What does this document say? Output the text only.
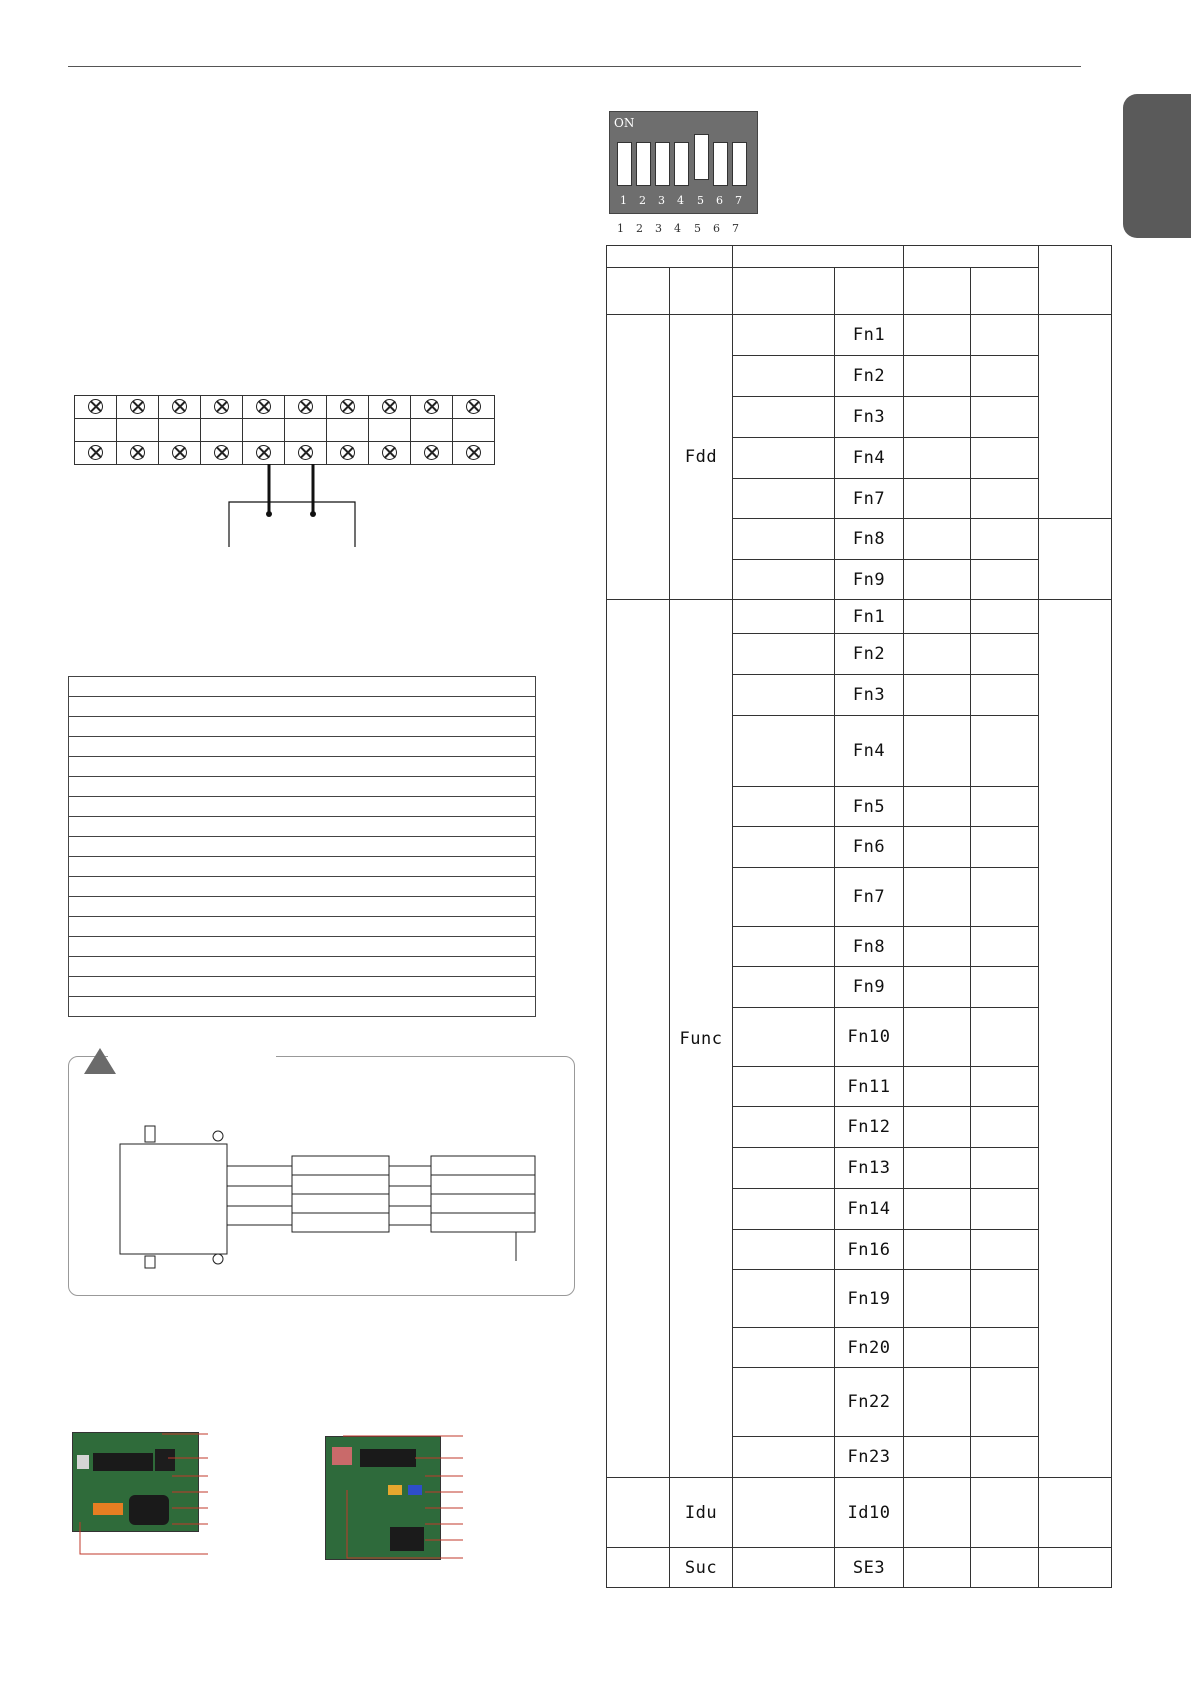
ON
1 2 3 4 5 6 7
1 2 3 4 5 6 7

	Fdd		Fn1			
			Fn2			
			Fn3			
			Fn4			
			Fn7			
			Fn8			
			Fn9			
	Func		Fn1			
			Fn2			
			Fn3			
			Fn4			
			Fn5			
			Fn6			
			Fn7			
			Fn8			
			Fn9			
			Fn10			
			Fn11			
			Fn12			
			Fn13			
			Fn14			
			Fn16			
			Fn19			
			Fn20			
			Fn22			
			Fn23			
	Idu		Id10			
	Suc		SE3			
